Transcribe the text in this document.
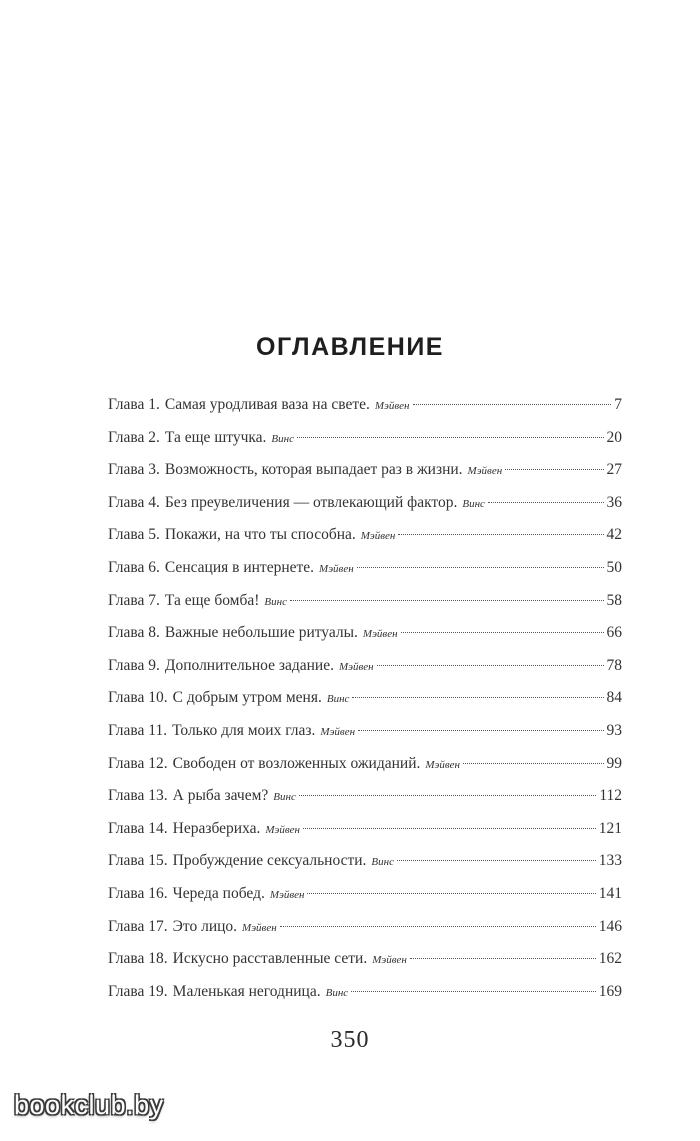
ОГЛАВЛЕНИЕ
Глава 1. Самая уродливая ваза на свете. Мэйвен	7
Глава 2. Та еще штучка. Винс	20
Глава 3. Возможность, которая выпадает раз в жизни. Мэйвен	27
Глава 4. Без преувеличения — отвлекающий фактор. Винс	36
Глава 5. Покажи, на что ты способна. Мэйвен	42
Глава 6. Сенсация в интернете. Мэйвен	50
Глава 7. Та еще бомба! Винс	58
Глава 8. Важные небольшие ритуалы. Мэйвен	66
Глава 9. Дополнительное задание. Мэйвен	78
Глава 10. С добрым утром меня. Винс	84
Глава 11. Только для моих глаз. Мэйвен	93
Глава 12. Свободен от возложенных ожиданий. Мэйвен	99
Глава 13. А рыба зачем? Винс	112
Глава 14. Неразбериха. Мэйвен	121
Глава 15. Пробуждение сексуальности. Винс	133
Глава 16. Череда побед. Мэйвен	141
Глава 17. Это лицо. Мэйвен	146
Глава 18. Искусно расставленные сети. Мэйвен	162
Глава 19. Маленькая негодница. Винс	169
350
bookclub.by
